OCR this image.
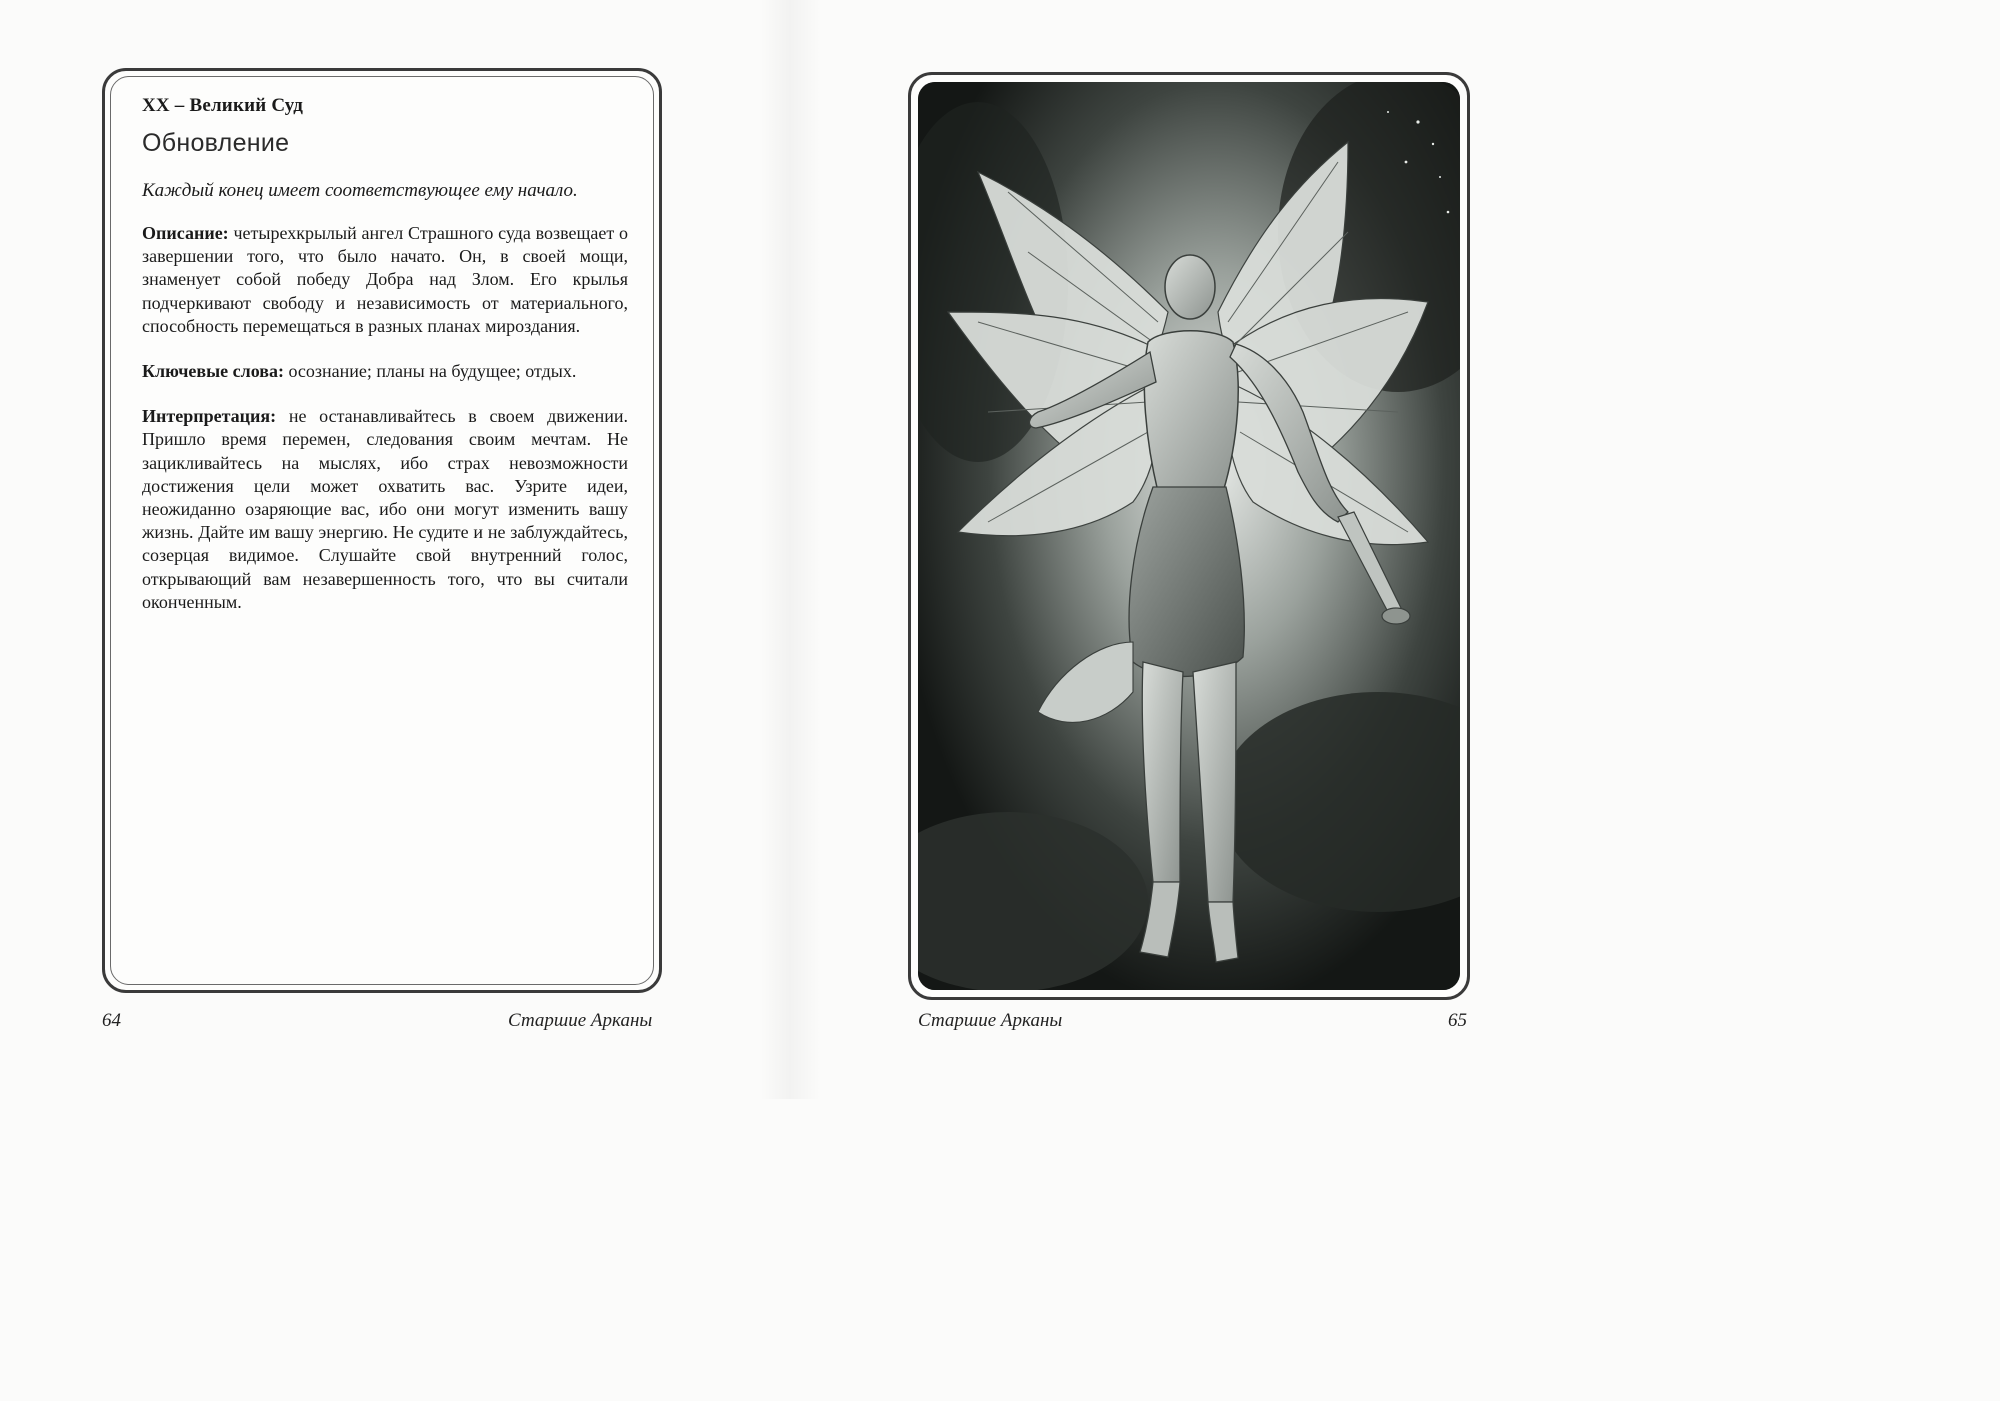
XX – Великий Суд
Обновление
Каждый конец имеет соответствующее ему начало.

Описание: четырехкрылый ангел Страшного суда возвещает о завершении того, что было начато. Он, в своей мощи, знаменует собой победу Добра над Злом. Его крылья подчеркивают свободу и независимость от материального, способность перемещаться в разных планах мироздания.

Ключевые слова: осознание; планы на будущее; отдых.

Интерпретация: не останавливайтесь в своем движении. Пришло время перемен, следования своим мечтам. Не зацикливайтесь на мыслях, ибо страх невозможности достижения цели может охватить вас. Узрите идеи, неожиданно озаряющие вас, ибо они могут изменить вашу жизнь. Дайте им вашу энергию. Не судите и не заблуждайтесь, созерцая видимое. Слушайте свой внутренний голос, открывающий вам незавершенность того, что вы считали оконченным.

64	Старшие Арканы	Старшие Арканы	65
